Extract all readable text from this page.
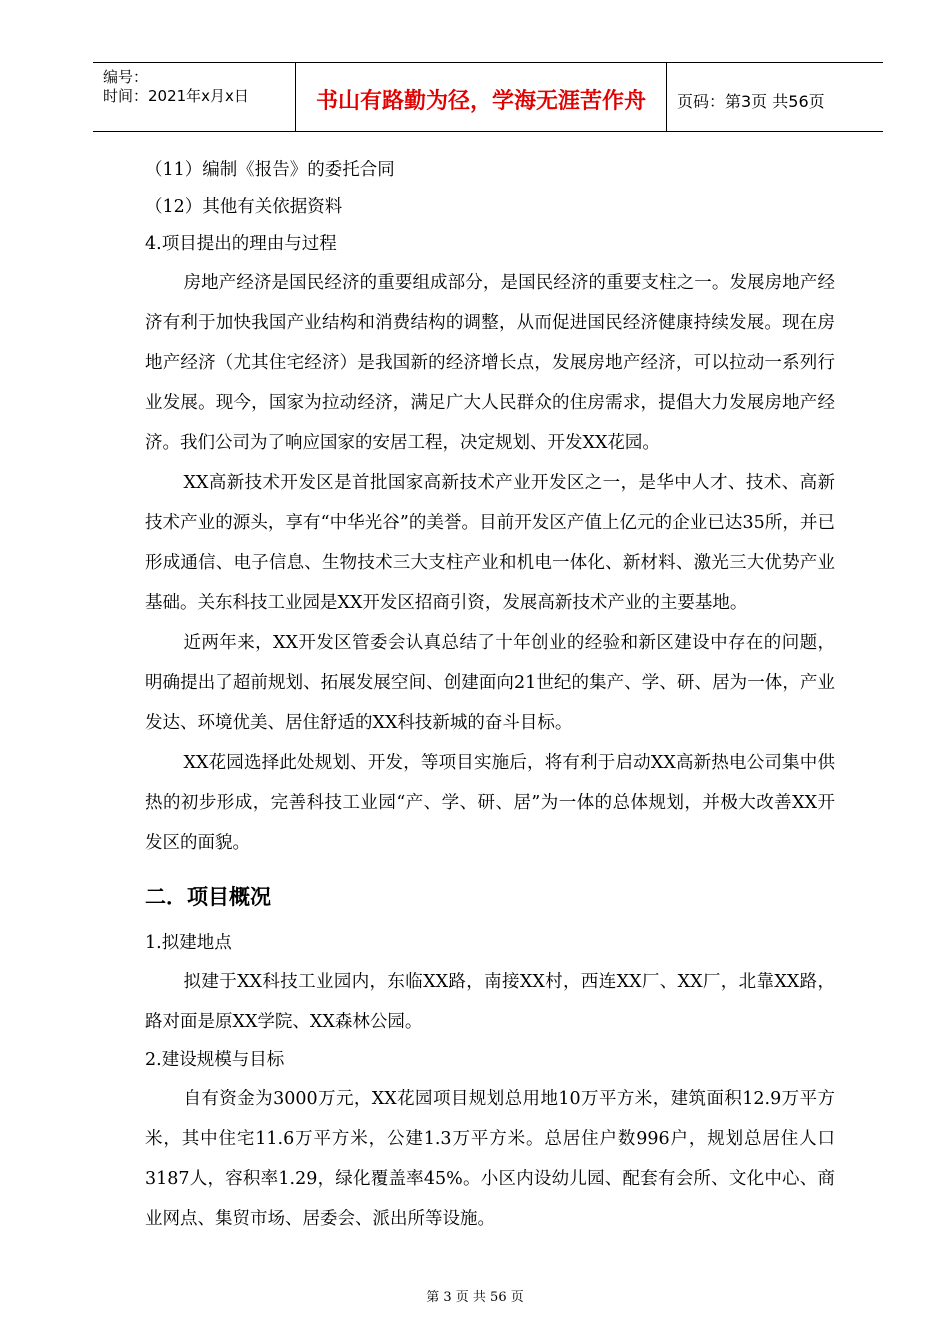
编号：
时间：2021年x月x日	书山有路勤为径，学海无涯苦作舟	页码：第3页 共56页
（11）编制《报告》的委托合同
（12）其他有关依据资料
4.项目提出的理由与过程

房地产经济是国民经济的重要组成部分，是国民经济的重要支柱之一。发展房地产经济有利于加快我国产业结构和消费结构的调整，从而促进国民经济健康持续发展。现在房地产经济（尤其住宅经济）是我国新的经济增长点，发展房地产经济，可以拉动一系列行业发展。现今，国家为拉动经济，满足广大人民群众的住房需求，提倡大力发展房地产经济。我们公司为了响应国家的安居工程，决定规划、开发XX花园。

XX高新技术开发区是首批国家高新技术产业开发区之一，是华中人才、技术、高新技术产业的源头，享有“中华光谷”的美誉。目前开发区产值上亿元的企业已达35所，并已形成通信、电子信息、生物技术三大支柱产业和机电一体化、新材料、激光三大优势产业基础。关东科技工业园是XX开发区招商引资，发展高新技术产业的主要基地。

近两年来，XX开发区管委会认真总结了十年创业的经验和新区建设中存在的问题，明确提出了超前规划、拓展发展空间、创建面向21世纪的集产、学、研、居为一体，产业发达、环境优美、居住舒适的XX科技新城的奋斗目标。

XX花园选择此处规划、开发，等项目实施后，将有利于启动XX高新热电公司集中供热的初步形成，完善科技工业园“产、学、研、居”为一体的总体规划，并极大改善XX开发区的面貌。

二．项目概况
1.拟建地点

拟建于XX科技工业园内，东临XX路，南接XX村，西连XX厂、XX厂，北靠XX路，路对面是原XX学院、XX森林公园。

2.建设规模与目标

自有资金为3000万元，XX花园项目规划总用地10万平方米，建筑面积12.9万平方米，其中住宅11.6万平方米，公建1.3万平方米。总居住户数996户，规划总居住人口3187人，容积率1.29，绿化覆盖率45%。小区内设幼儿园、配套有会所、文化中心、商业网点、集贸市场、居委会、派出所等设施。

第 3 页 共 56 页
